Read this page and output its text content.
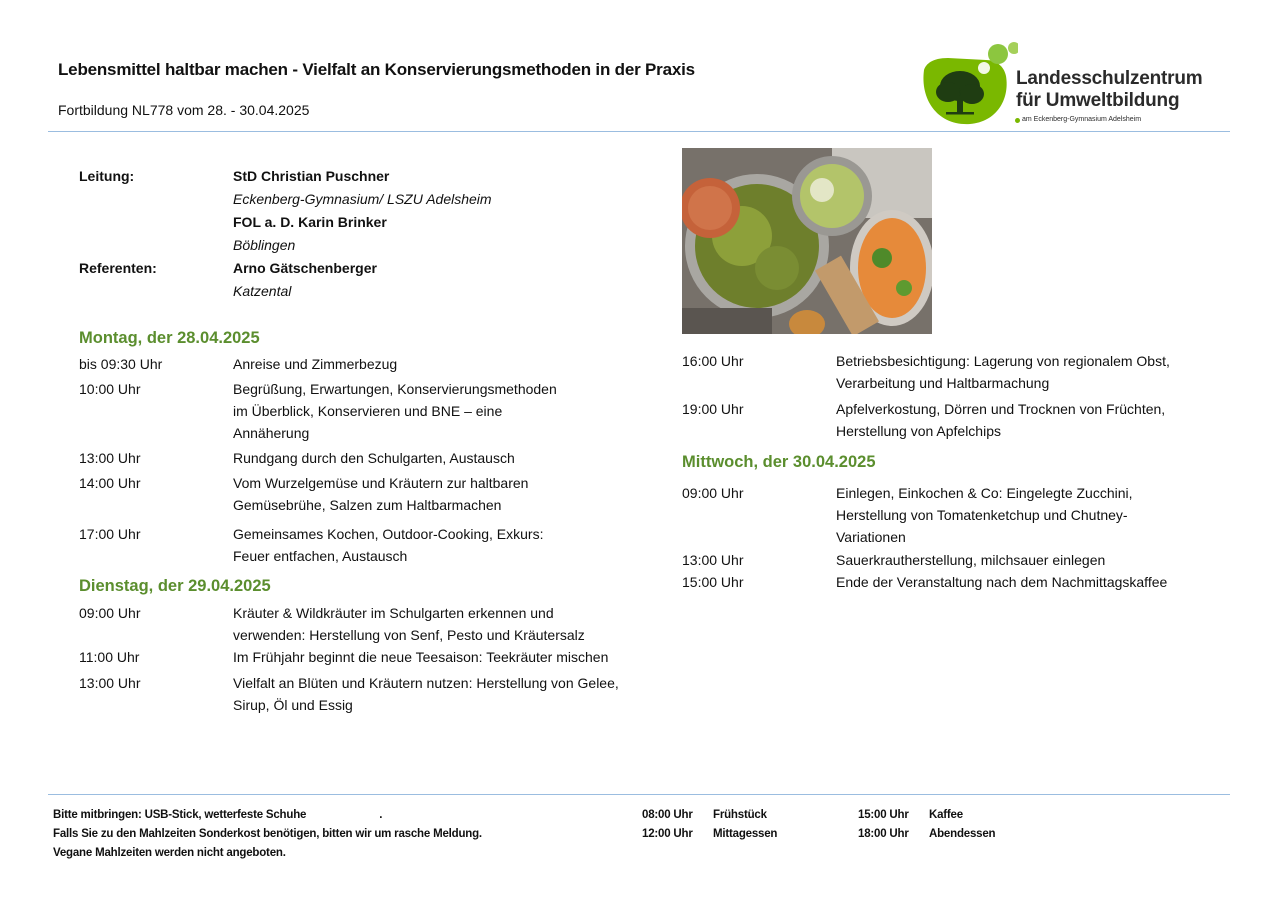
Lebensmittel haltbar machen - Vielfalt an Konservierungsmethoden in der Praxis
Fortbildung NL778 vom 28. - 30.04.2025
Landesschulzentrum
für Umweltbildung
am Eckenberg-Gymnasium Adelsheim
Leitung:	StD Christian Puschner
Eckenberg-Gymnasium/ LSZU Adelsheim
FOL a. D. Karin Brinker
Böblingen
Referenten:	Arno Gätschenberger
Katzental
Montag, der 28.04.2025
bis 09:30 Uhr	Anreise und Zimmerbezug
10:00 Uhr	Begrüßung, Erwartungen, Konservierungsmethoden im Überblick, Konservieren und BNE – eine Annäherung
13:00 Uhr	Rundgang durch den Schulgarten, Austausch
14:00 Uhr	Vom Wurzelgemüse und Kräutern zur haltbaren Gemüsebrühe, Salzen zum Haltbarmachen
17:00 Uhr	Gemeinsames Kochen, Outdoor-Cooking, Exkurs: Feuer entfachen, Austausch
Dienstag, der 29.04.2025
09:00 Uhr	Kräuter & Wildkräuter im Schulgarten erkennen und verwenden: Herstellung von Senf, Pesto und Kräutersalz
11:00 Uhr	Im Frühjahr beginnt die neue Teesaison: Teekräuter mischen
13:00 Uhr	Vielfalt an Blüten und Kräutern nutzen: Herstellung von Gelee, Sirup, Öl und Essig
16:00 Uhr	Betriebsbesichtigung: Lagerung von regionalem Obst, Verarbeitung und Haltbarmachung
19:00 Uhr	Apfelverkostung, Dörren und Trocknen von Früchten, Herstellung von Apfelchips
Mittwoch, der 30.04.2025
09:00 Uhr	Einlegen, Einkochen & Co: Eingelegte Zucchini, Herstellung von Tomatenketchup und Chutney-Variationen
13:00 Uhr	Sauerkrautherstellung, milchsauer einlegen
15:00 Uhr	Ende der Veranstaltung nach dem Nachmittagskaffee
Bitte mitbringen: USB-Stick, wetterfeste Schuhe	.
Falls Sie zu den Mahlzeiten Sonderkost benötigen, bitten wir um rasche Meldung.
Vegane Mahlzeiten werden nicht angeboten.
08:00 Uhr Frühstück
12:00 Uhr Mittagessen
15:00 Uhr Kaffee
18:00 Uhr Abendessen
